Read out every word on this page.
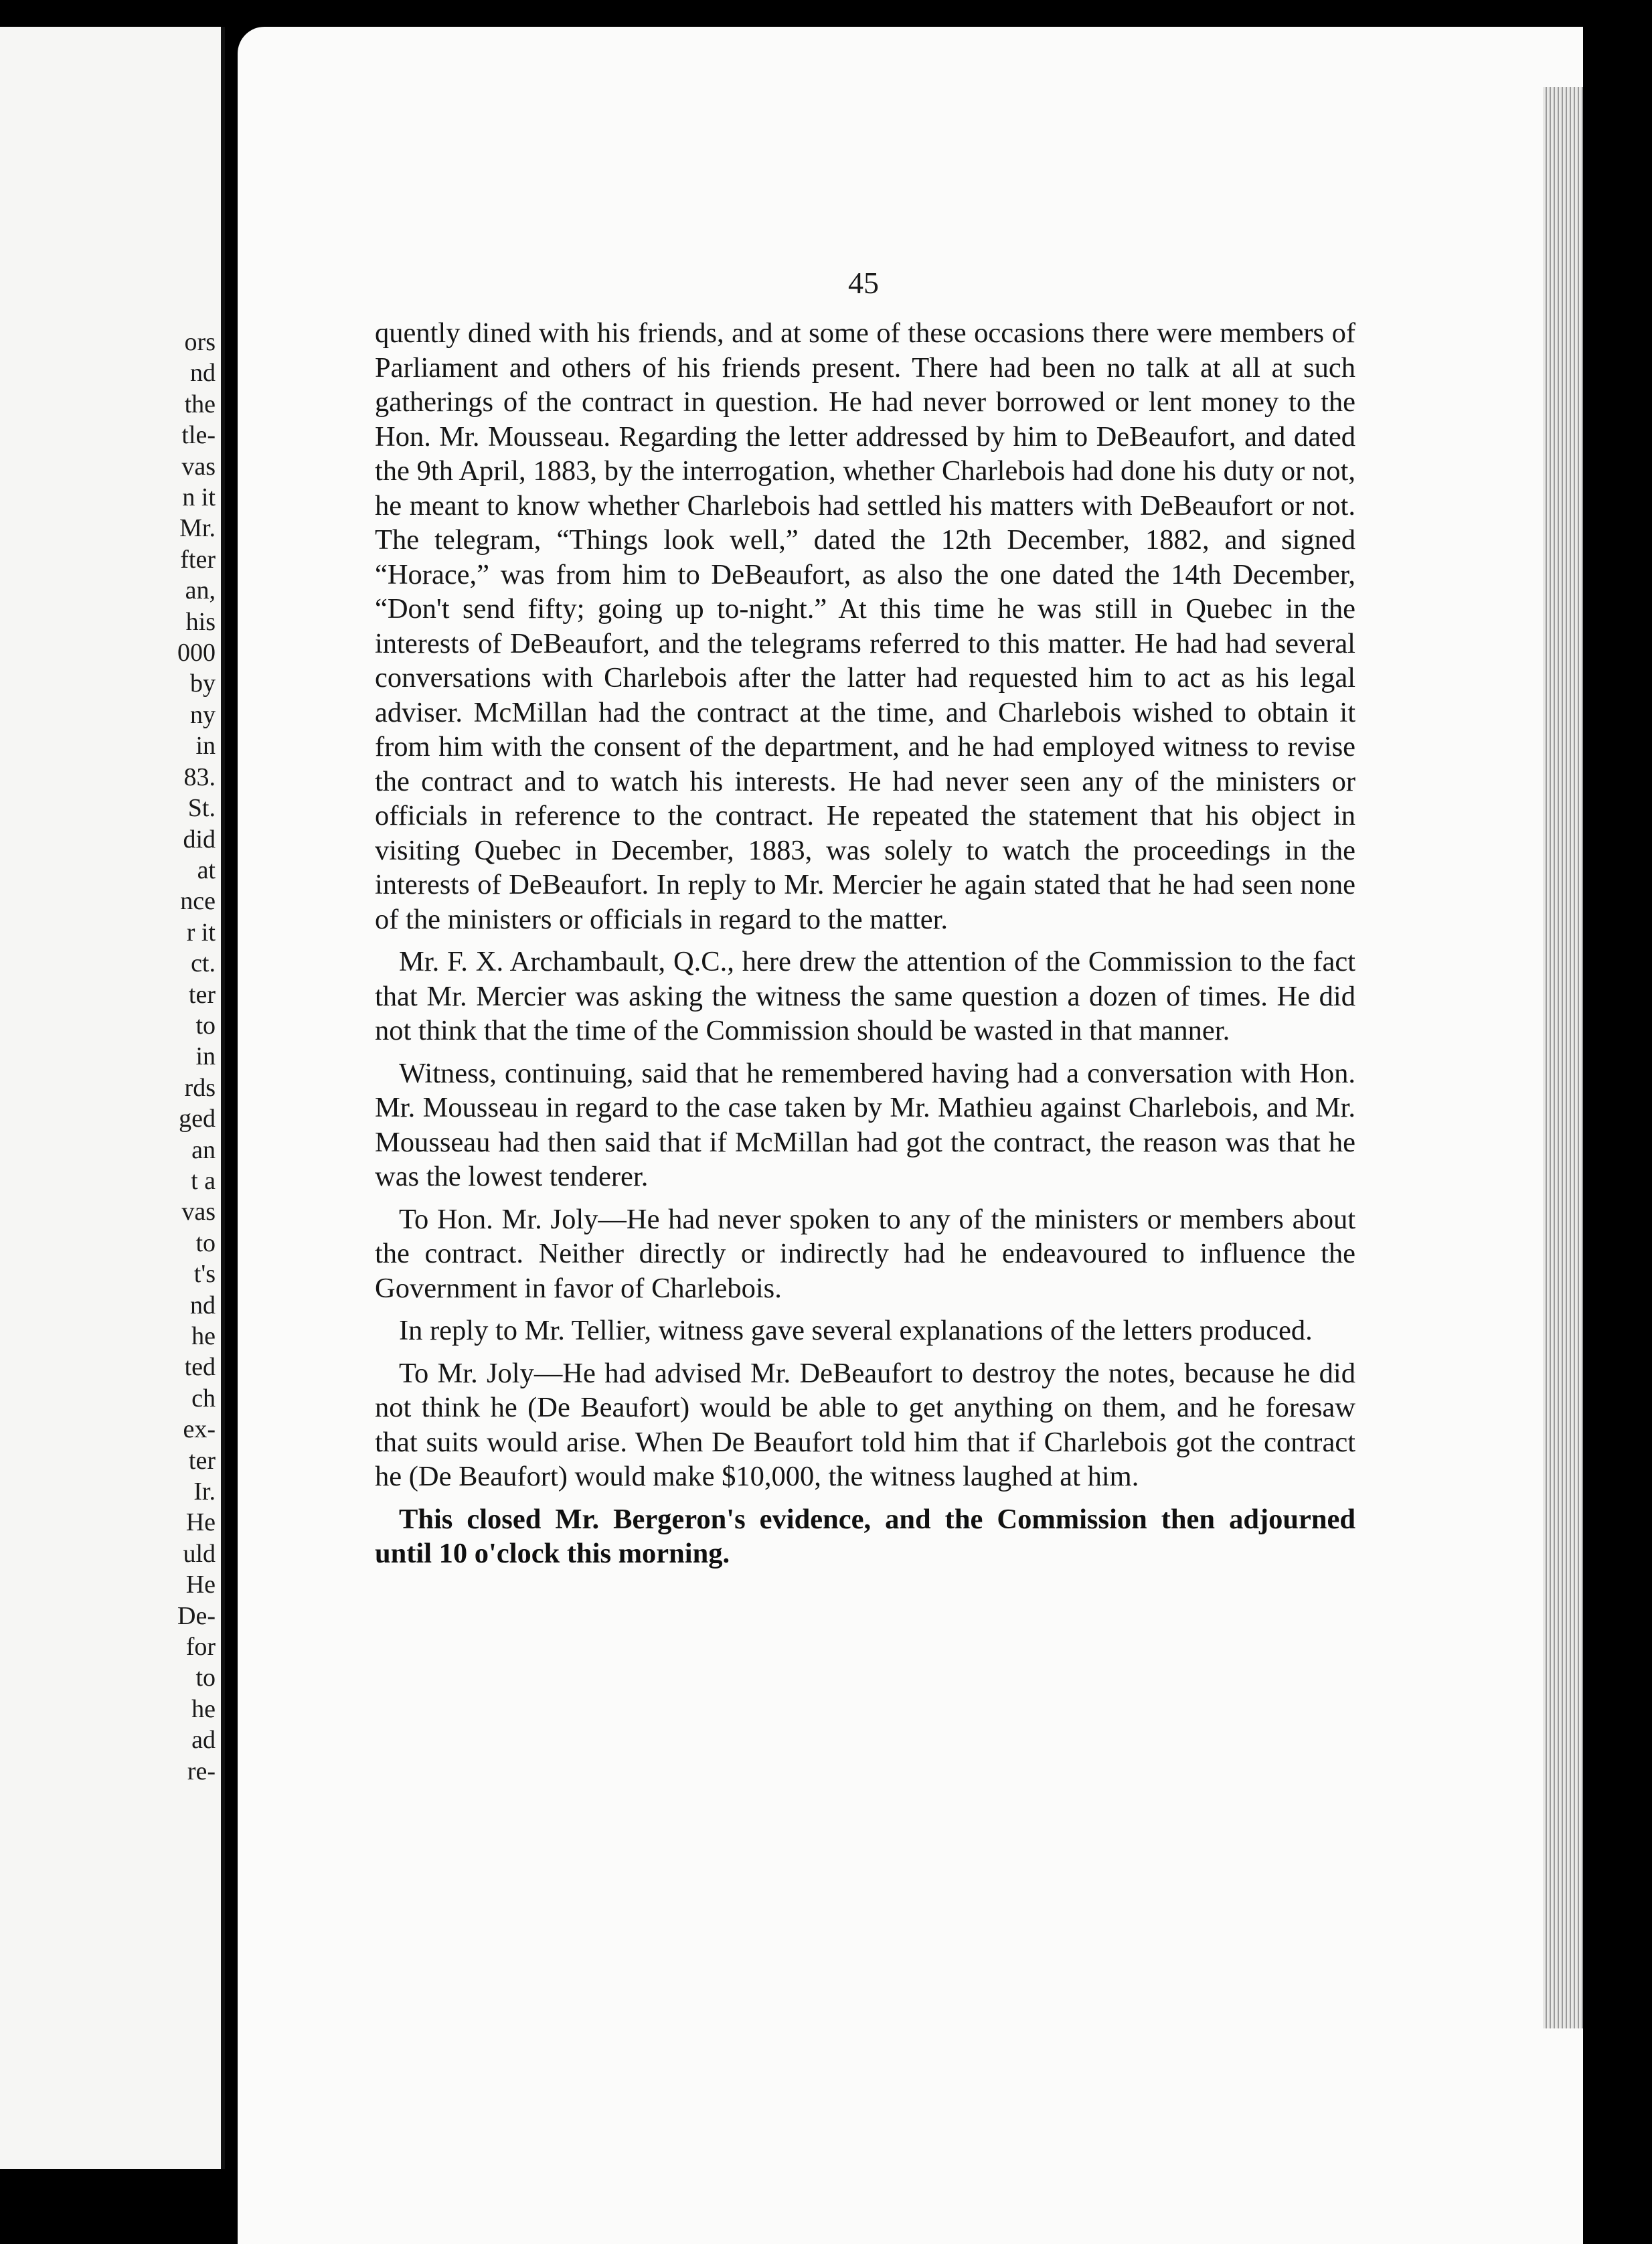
ors
nd
the
tle-
vas
n it
Mr.
fter
an,
his
000
by
ny
in
83.
St.
did
at
nce
r it
ct.
ter
to
in
rds
ged
an
t a
vas
to
t's
nd
he
ted
ch
ex-
ter
Ir.
He
uld
He
De-
for
to
he
ad
re-
45

quently dined with his friends, and at some of these occasions there were members of Parliament and others of his friends present. There had been no talk at all at such gatherings of the contract in question. He had never borrowed or lent money to the Hon. Mr. Mousseau. Regarding the letter addressed by him to DeBeaufort, and dated the 9th April, 1883, by the interrogation, whether Charlebois had done his duty or not, he meant to know whether Charlebois had settled his matters with DeBeaufort or not. The telegram, “Things look well,” dated the 12th December, 1882, and signed “Horace,” was from him to DeBeaufort, as also the one dated the 14th December, “Don't send fifty; going up to-night.” At this time he was still in Quebec in the interests of DeBeaufort, and the telegrams referred to this matter. He had had several conversations with Charlebois after the latter had requested him to act as his legal adviser. McMillan had the contract at the time, and Charlebois wished to obtain it from him with the consent of the department, and he had employed witness to revise the contract and to watch his interests. He had never seen any of the ministers or officials in reference to the contract. He repeated the statement that his object in visiting Quebec in December, 1883, was solely to watch the proceedings in the interests of DeBeaufort. In reply to Mr. Mercier he again stated that he had seen none of the ministers or officials in regard to the matter.

Mr. F. X. Archambault, Q.C., here drew the attention of the Commission to the fact that Mr. Mercier was asking the witness the same question a dozen of times. He did not think that the time of the Commission should be wasted in that manner.

Witness, continuing, said that he remembered having had a conversation with Hon. Mr. Mousseau in regard to the case taken by Mr. Mathieu against Charlebois, and Mr. Mousseau had then said that if McMillan had got the contract, the reason was that he was the lowest tenderer.

To Hon. Mr. Joly—He had never spoken to any of the ministers or members about the contract. Neither directly or indirectly had he endeavoured to influence the Government in favor of Charlebois.

In reply to Mr. Tellier, witness gave several explanations of the letters produced.

To Mr. Joly—He had advised Mr. DeBeaufort to destroy the notes, because he did not think he (De Beaufort) would be able to get anything on them, and he foresaw that suits would arise. When De Beaufort told him that if Charlebois got the contract he (De Beaufort) would make $10,000, the witness laughed at him.

This closed Mr. Bergeron's evidence, and the Commission then adjourned until 10 o'clock this morning.
